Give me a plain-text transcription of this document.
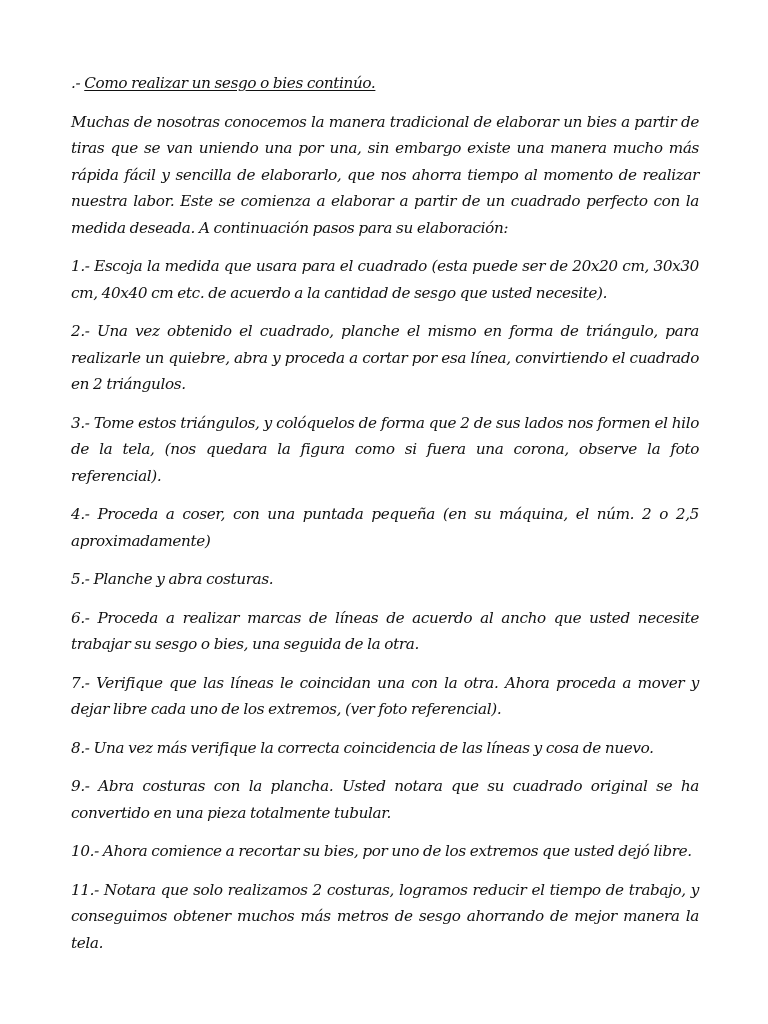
.- Como realizar un sesgo o bies continúo.

Muchas de nosotras conocemos la manera tradicional de elaborar un bies a partir de tiras que se van uniendo una por una, sin embargo existe una manera mucho más rápida fácil y sencilla de elaborarlo, que nos ahorra tiempo al momento de realizar nuestra labor. Este se comienza a elaborar a partir de un cuadrado perfecto con la medida deseada. A continuación pasos para su elaboración:

1.- Escoja la medida que usara para el cuadrado (esta puede ser de 20x20 cm, 30x30 cm, 40x40 cm etc. de acuerdo a la cantidad de sesgo que usted necesite).

2.- Una vez obtenido el cuadrado, planche el mismo en forma de triángulo, para realizarle un quiebre, abra y proceda a cortar por esa línea, convirtiendo el cuadrado en 2 triángulos.

3.- Tome estos triángulos, y colóquelos de forma que 2 de sus lados nos formen el hilo de la tela, (nos quedara la figura como si fuera una corona, observe la foto referencial).

4.- Proceda a coser, con una puntada pequeña (en su máquina, el núm. 2 o 2,5 aproximadamente)

5.- Planche y abra costuras.

6.- Proceda a realizar marcas de líneas de acuerdo al ancho que usted necesite trabajar su sesgo o bies, una seguida de la otra.

7.- Verifique que las líneas le coincidan una con la otra. Ahora proceda a mover y dejar libre cada uno de los extremos, (ver foto referencial).

8.- Una vez más verifique la correcta coincidencia de las líneas y cosa de nuevo.

9.- Abra costuras con la plancha. Usted notara que su cuadrado original se ha convertido en una pieza totalmente tubular.

10.- Ahora comience a recortar su bies, por uno de los extremos que usted dejó libre.

11.- Notara que solo realizamos 2 costuras, logramos reducir el tiempo de trabajo, y conseguimos obtener muchos más metros de sesgo ahorrando de mejor manera la tela.
